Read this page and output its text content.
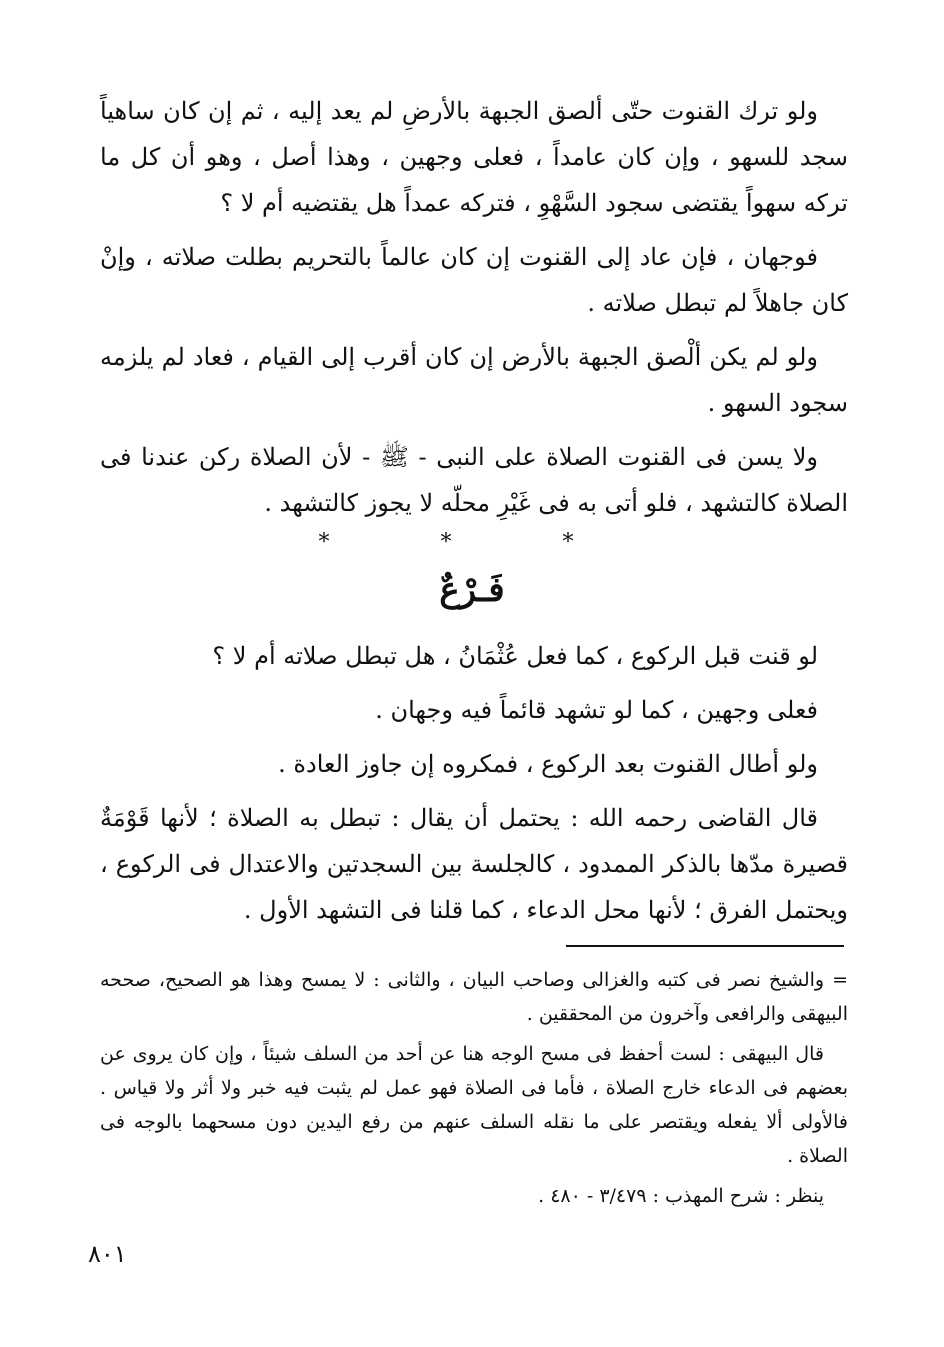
ولو ترك القنوت حتّى ألصق الجبهة بالأرضِ لم يعد إليه ، ثم إن كان ساهياً سجد للسهو ، وإن كان عامداً ، فعلى وجهين ، وهذا أصل ، وهو أن كل ما تركه سهواً يقتضى سجود السَّهْوِ ، فتركه عمداً هل يقتضيه أم لا ؟

فوجهان ، فإن عاد إلى القنوت إن كان عالماً بالتحريم بطلت صلاته ، وإنْ كان جاهلاً لم تبطل صلاته .

ولو لم يكن ألْصق الجبهة بالأرض إن كان أقرب إلى القيام ، فعاد لم يلزمه سجود السهو .

ولا يسن فى القنوت الصلاة على النبى - ﷺ - لأن الصلاة ركن عندنا فى الصلاة كالتشهد ، فلو أتى به فى غَيْرِ محلّه لا يجوز كالتشهد .

* * *
فَـرْعٌ

لو قنت قبل الركوع ، كما فعل عُثْمَانُ ، هل تبطل صلاته أم لا ؟

فعلى وجهين ، كما لو تشهد قائماً فيه وجهان .

ولو أطال القنوت بعد الركوع ، فمكروه إن جاوز العادة .

قال القاضى رحمه الله : يحتمل أن يقال : تبطل به الصلاة ؛ لأنها قَوْمَةٌ قصيرة مدّها بالذكر الممدود ، كالجلسة بين السجدتين والاعتدال فى الركوع ، ويحتمل الفرق ؛ لأنها محل الدعاء ، كما قلنا فى التشهد الأول .

= والشيخ نصر فى كتبه والغزالى وصاحب البيان ، والثانى : لا يمسح وهذا هو الصحيح، صححه البيهقى والرافعى وآخرون من المحققين .

قال البيهقى : لست أحفظ فى مسح الوجه هنا عن أحد من السلف شيئاً ، وإن كان يروى عن بعضهم فى الدعاء خارج الصلاة ، فأما فى الصلاة فهو عمل لم يثبت فيه خبر ولا أثر ولا قياس . فالأولى ألا يفعله ويقتصر على ما نقله السلف عنهم من رفع اليدين دون مسحهما بالوجه فى الصلاة .

ينظر : شرح المهذب : ٣/٤٧٩ - ٤٨٠ .

٨٠١
